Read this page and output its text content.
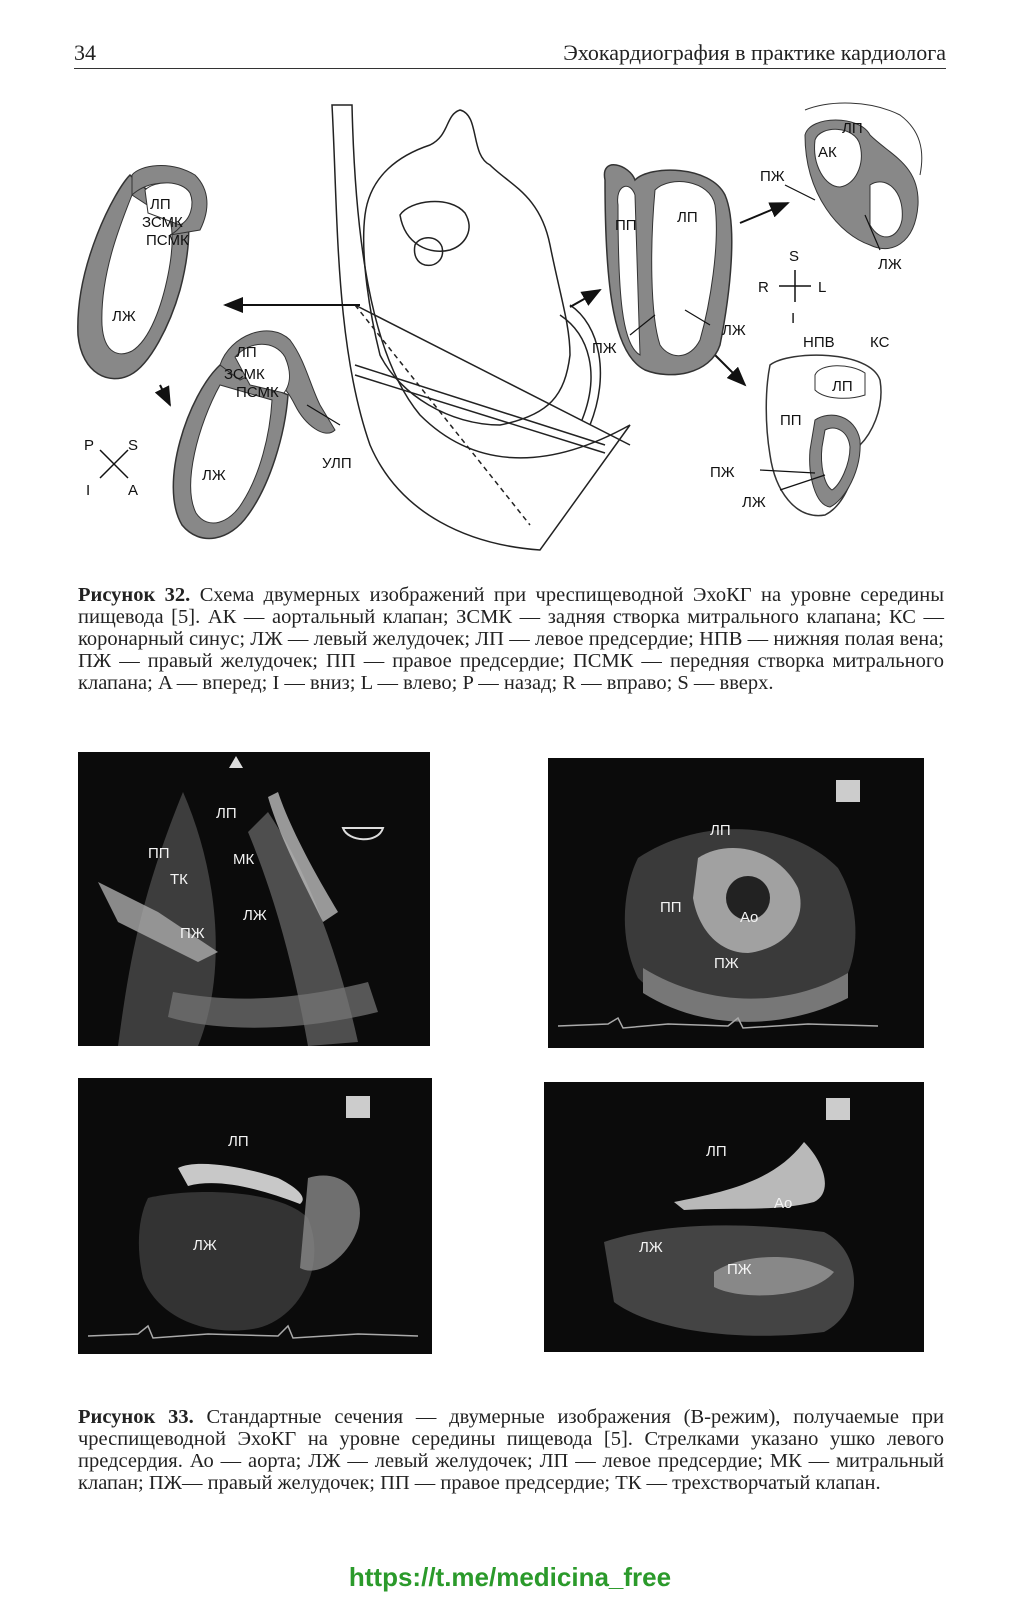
34	Эхокардиография в практике кардиолога
ЛП
ЗСМК
ПСМК
ЛЖ
ЛП
ЗСМК
ПСМК
ЛЖ
УЛП
P S
I	A
ПП	ЛП
ПЖ
ЛЖ
ЛП
АК
ПЖ
ЛЖ
S
R	L
I
НПВ КС
ЛП
ПП
ПЖ
ЛЖ

Рисунок 32. Схема двумерных изображений при чреспищеводной ЭхоКГ на уровне середины пищевода [5]. АК — аортальный клапан; ЗСМК — задняя створка митрального клапана; КС — коронарный синус; ЛЖ — левый желудочек; ЛП — левое предсердие; НПВ — нижняя полая вена; ПЖ — правый желудочек; ПП — правое предсердие; ПСМК — передняя створка митрального клапана; A — вперед; I — вниз; L — влево; P — назад; R — вправо; S — вверх.

ЛП
ПП	МК
ТК
ЛЖ
ПЖ
ЛП
ПП
Ao
ПЖ
ЛП
ЛЖ
ЛП
Ao
ЛЖ
ПЖ

Рисунок 33. Стандартные сечения — двумерные изображения (B-режим), получаемые при чреспищеводной ЭхоКГ на уровне середины пищевода [5]. Стрелками указано ушко левого предсердия. Ао — аорта; ЛЖ — левый желудочек; ЛП — левое предсердие; МК — митральный клапан; ПЖ— правый желудочек; ПП — правое предсердие; ТК — трехстворчатый клапан.

https://t.me/medicina_free
